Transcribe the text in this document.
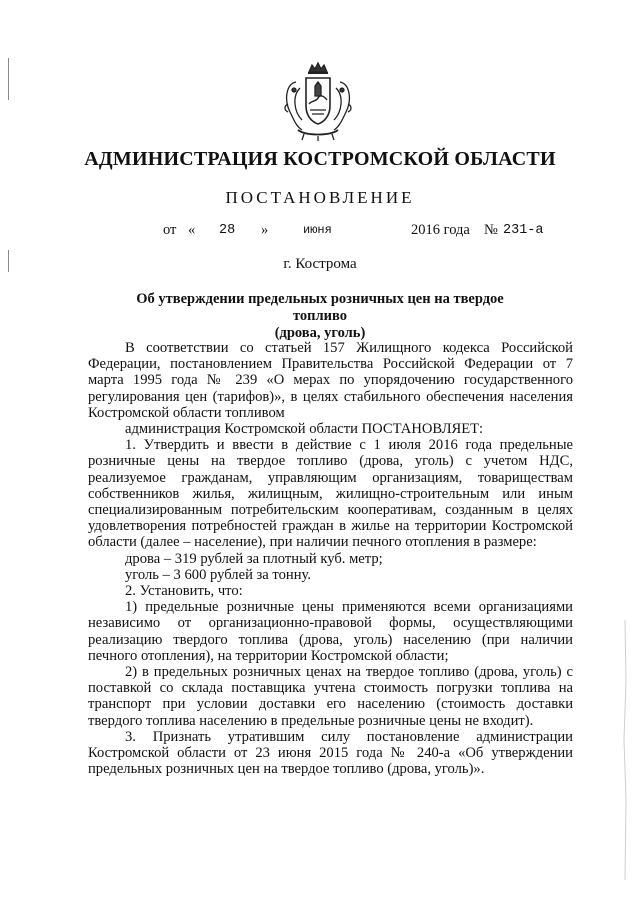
АДМИНИСТРАЦИЯ КОСТРОМСКОЙ ОБЛАСТИ
ПОСТАНОВЛЕНИЕ
от « 28 »	июня	2016 года № 231-а
г. Кострома
Об утверждении предельных розничных цен на твердое топливо
(дрова, уголь)

В соответствии со статьей 157 Жилищного кодекса Российской Федерации, постановлением Правительства Российской Федерации от 7 марта 1995 года № 239 «О мерах по упорядочению государственного регулирования цен (тарифов)», в целях стабильного обеспечения населения Костромской области топливом

администрация Костромской области ПОСТАНОВЛЯЕТ:

1. Утвердить и ввести в действие с 1 июля 2016 года предельные розничные цены на твердое топливо (дрова, уголь) с учетом НДС, реализуемое гражданам, управляющим организациям, товариществам собственников жилья, жилищным, жилищно-строительным или иным специализированным потребительским кооперативам, созданным в целях удовлетворения потребностей граждан в жилье на территории Костромской области (далее – население), при наличии печного отопления в размере:

дрова – 319 рублей за плотный куб. метр;

уголь – 3 600 рублей за тонну.

2. Установить, что:

1) предельные розничные цены применяются всеми организациями независимо от организационно-правовой формы, осуществляющими реализацию твердого топлива (дрова, уголь) населению (при наличии печного отопления), на территории Костромской области;

2) в предельных розничных ценах на твердое топливо (дрова, уголь) с поставкой со склада поставщика учтена стоимость погрузки топлива на транспорт при условии доставки его населению (стоимость доставки твердого топлива населению в предельные розничные цены не входит).

3. Признать утратившим силу постановление администрации Костромской области от 23 июня 2015 года № 240-а «Об утверждении предельных розничных цен на твердое топливо (дрова, уголь)».
